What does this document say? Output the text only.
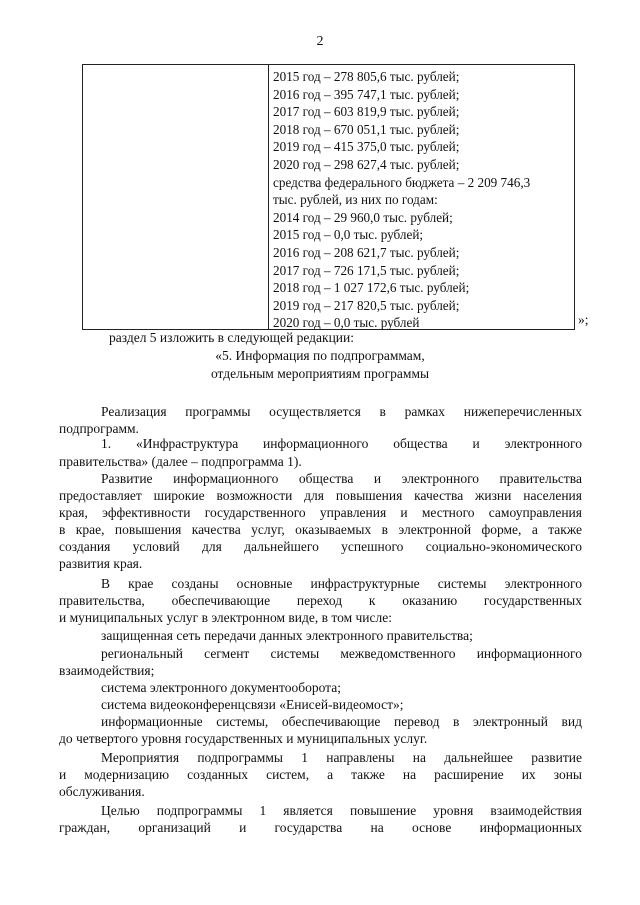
2
2015 год – 278 805,6 тыс. рублей;
2016 год – 395 747,1 тыс. рублей;
2017 год – 603 819,9 тыс. рублей;
2018 год – 670 051,1 тыс. рублей;
2019 год – 415 375,0 тыс. рублей;
2020 год – 298 627,4 тыс. рублей;
средства федерального бюджета – 2 209 746,3
тыс. рублей, из них по годам:
2014 год – 29 960,0 тыс. рублей;
2015 год – 0,0 тыс. рублей;
2016 год – 208 621,7 тыс. рублей;
2017 год – 726 171,5 тыс. рублей;
2018 год – 1 027 172,6 тыс. рублей;
2019 год – 217 820,5 тыс. рублей;
2020 год – 0,0 тыс. рублей	»;
раздел 5 изложить в следующей редакции:
«5. Информация по подпрограммам,
отдельным мероприятиям программы
Реализация программы осуществляется в рамках нижеперечисленных
подпрограмм.
1. «Инфраструктура информационного общества и электронного
правительства» (далее – подпрограмма 1).
Развитие информационного общества и электронного правительства
предоставляет широкие возможности для повышения качества жизни населения
края, эффективности государственного управления и местного самоуправления
в крае, повышения качества услуг, оказываемых в электронной форме, а также
создания условий для дальнейшего успешного социально-экономического
развития края.
В крае созданы основные инфраструктурные системы электронного
правительства, обеспечивающие переход к оказанию государственных
и муниципальных услуг в электронном виде, в том числе:
защищенная сеть передачи данных электронного правительства;
региональный сегмент системы межведомственного информационного
взаимодействия;
система электронного документооборота;
система видеоконференцсвязи «Енисей-видеомост»;
информационные системы, обеспечивающие перевод в электронный вид
до четвертого уровня государственных и муниципальных услуг.
Мероприятия подпрограммы 1 направлены на дальнейшее развитие
и модернизацию созданных систем, а также на расширение их зоны
обслуживания.
Целью подпрограммы 1 является повышение уровня взаимодействия
граждан, организаций и государства на основе информационных
